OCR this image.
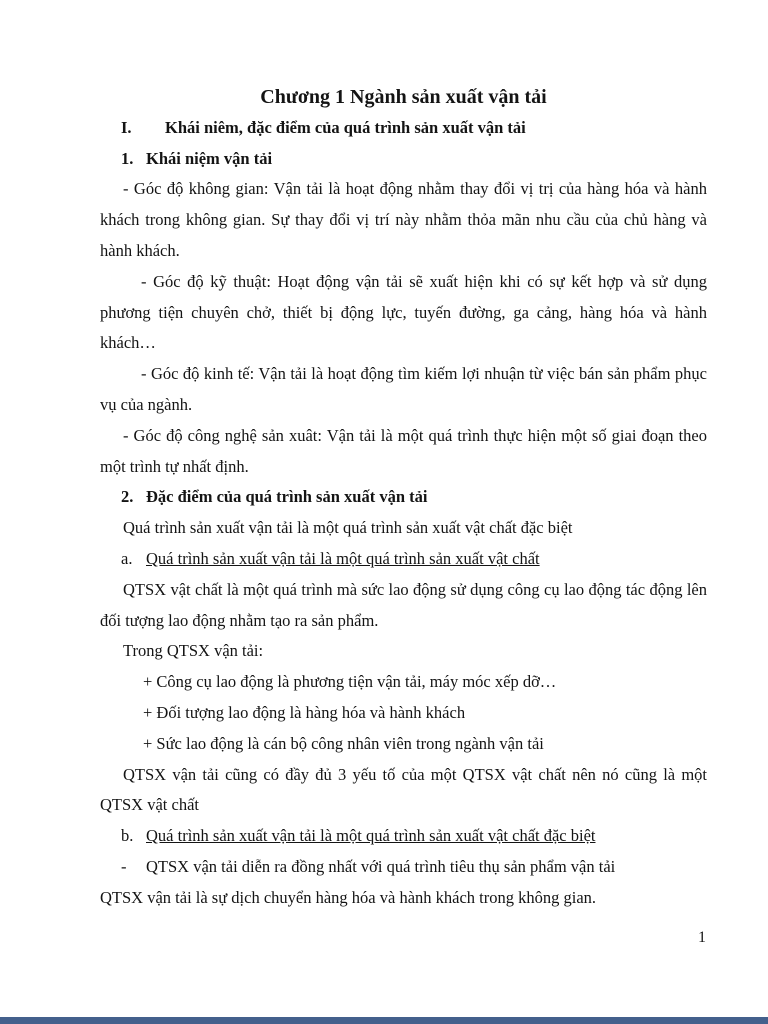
Chương 1 Ngành sản xuất vận tải

I. Khái niêm, đặc điểm của quá trình sản xuất vận tải

1. Khái niệm vận tải

- Góc độ không gian: Vận tải là hoạt động nhằm thay đổi vị trị của hàng hóa và hành khách trong không gian. Sự thay đổi vị trí này nhằm thỏa mãn nhu cầu của chủ hàng và hành khách.

- Góc độ kỹ thuật: Hoạt động vận tải sẽ xuất hiện khi có sự kết hợp và sử dụng phương tiện chuyên chở, thiết bị động lực, tuyến đường, ga cảng, hàng hóa và hành khách…

- Góc độ kinh tế: Vận tải là hoạt động tìm kiếm lợi nhuận từ việc bán sản phẩm phục vụ của ngành.

- Góc độ công nghệ sản xuât: Vận tải là một quá trình thực hiện một số giai đoạn theo một trình tự nhất định.

2. Đặc điểm của quá trình sản xuất vận tải

Quá trình sản xuất vận tải là một quá trình sản xuất vật chất đặc biệt

a. Quá trình sản xuất vận tải là một quá trình sản xuất vật chất

QTSX vật chất là một quá trình mà sức lao động sử dụng công cụ lao động tác động lên đối tượng lao động nhằm tạo ra sản phẩm.

Trong QTSX vận tải:

+ Công cụ lao động là phương tiện vận tải, máy móc xếp dỡ…

+ Đối tượng lao động là hàng hóa và hành khách

+ Sức lao động là cán bộ công nhân viên trong ngành vận tải

QTSX vận tải cũng có đầy đủ 3 yếu tố của một QTSX vật chất nên nó cũng là một QTSX vật chất

b. Quá trình sản xuất vận tải là một quá trình sản xuất vật chất đặc biệt

- QTSX vận tải diễn ra đồng nhất với quá trình tiêu thụ sản phẩm vận tải

QTSX vận tải là sự dịch chuyển hàng hóa và hành khách trong không gian.

1
